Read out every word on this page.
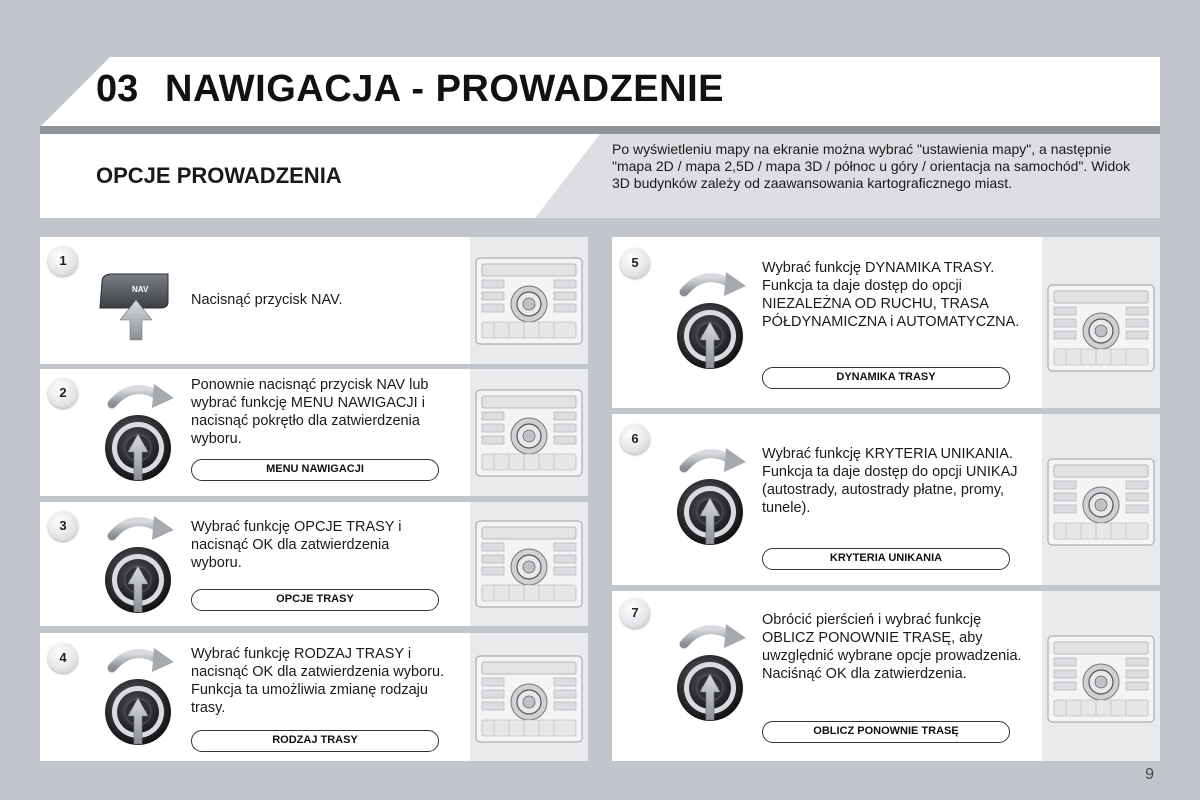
03 NAWIGACJA - PROWADZENIE
OPCJE PROWADZENIA
Po wyświetleniu mapy na ekranie można wybrać "ustawienia mapy", a następnie "mapa 2D / mapa 2,5D / mapa 3D / północ u góry / orientacja na samochód". Widok 3D budynków zależy od zaawansowania kartograficznego miast.
1
NAV
Nacisnąć przycisk NAV.
2	Ponownie nacisnąć przycisk NAV lub wybrać funkcję MENU NAWIGACJI i nacisnąć pokrętło dla zatwierdzenia wyboru.
MENU NAWIGACJI
3	Wybrać funkcję OPCJE TRASY i nacisnąć OK dla zatwierdzenia wyboru.
OPCJE TRASY
4	Wybrać funkcję RODZAJ TRASY i nacisnąć OK dla zatwierdzenia wyboru. Funkcja ta umożliwia zmianę rodzaju trasy.
RODZAJ TRASY
5	Wybrać funkcję DYNAMIKA TRASY. Funkcja ta daje dostęp do opcji NIEZALEŻNA OD RUCHU, TRASA PÓŁDYNAMICZNA i AUTOMATYCZNA.
DYNAMIKA TRASY
6
Wybrać funkcję KRYTERIA UNIKANIA. Funkcja ta daje dostęp do opcji UNIKAJ (autostrady, autostrady płatne, promy, tunele).
KRYTERIA UNIKANIA
7	Obrócić pierścień i wybrać funkcję OBLICZ PONOWNIE TRASĘ, aby uwzględnić wybrane opcje prowadzenia. Naciśnąć OK dla zatwierdzenia.
OBLICZ PONOWNIE TRASĘ
9
